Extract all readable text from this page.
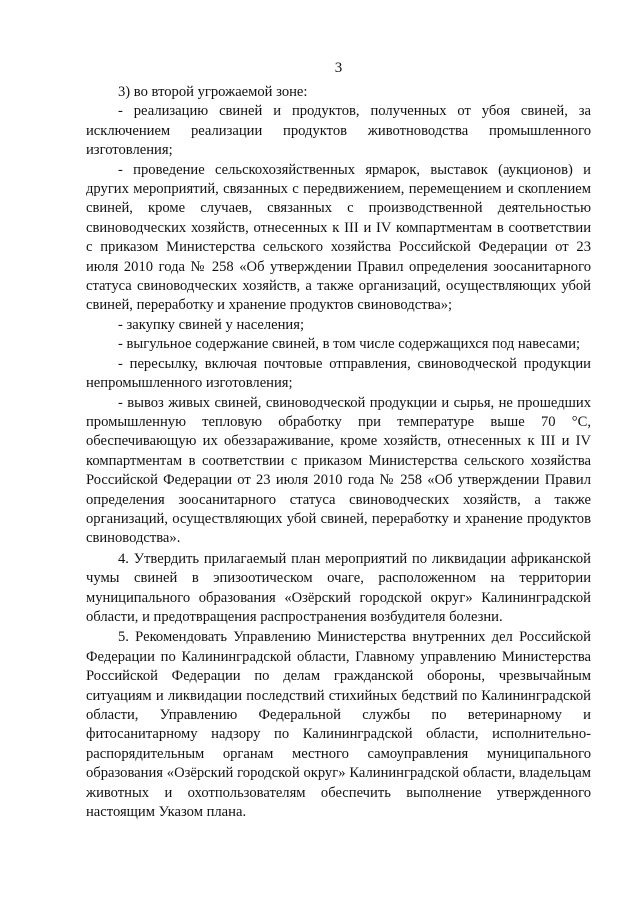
3

3) во второй угрожаемой зоне:

- реализацию свиней и продуктов, полученных от убоя свиней, за исключением реализации продуктов животноводства промышленного изготовления;

- проведение сельскохозяйственных ярмарок, выставок (аукционов) и других мероприятий, связанных с передвижением, перемещением и скоплением свиней, кроме случаев, связанных с производственной деятельностью свиноводческих хозяйств, отнесенных к III и IV компартментам в соответствии с приказом Министерства сельского хозяйства Российской Федерации от 23 июля 2010 года № 258 «Об утверждении Правил определения зоосанитарного статуса свиноводческих хозяйств, а также организаций, осуществляющих убой свиней, переработку и хранение продуктов свиноводства»;

- закупку свиней у населения;

- выгульное содержание свиней, в том числе содержащихся под навесами;

- пересылку, включая почтовые отправления, свиноводческой продукции непромышленного изготовления;

- вывоз живых свиней, свиноводческой продукции и сырья, не прошедших промышленную тепловую обработку при температуре выше 70 °С, обеспечивающую их обеззараживание, кроме хозяйств, отнесенных к III и IV компартментам в соответствии с приказом Министерства сельского хозяйства Российской Федерации от 23 июля 2010 года № 258 «Об утверждении Правил определения зоосанитарного статуса свиноводческих хозяйств, а также организаций, осуществляющих убой свиней, переработку и хранение продуктов свиноводства».

4. Утвердить прилагаемый план мероприятий по ликвидации африканской чумы свиней в эпизоотическом очаге, расположенном на территории муниципального образования «Озёрский городской округ» Калининградской области, и предотвращения распространения возбудителя болезни.

5. Рекомендовать Управлению Министерства внутренних дел Российской Федерации по Калининградской области, Главному управлению Министерства Российской Федерации по делам гражданской обороны, чрезвычайным ситуациям и ликвидации последствий стихийных бедствий по Калининградской области, Управлению Федеральной службы по ветеринарному и фитосанитарному надзору по Калининградской области, исполнительно-распорядительным органам местного самоуправления муниципального образования «Озёрский городской округ» Калининградской области, владельцам животных и охотпользователям обеспечить выполнение утвержденного настоящим Указом плана.
